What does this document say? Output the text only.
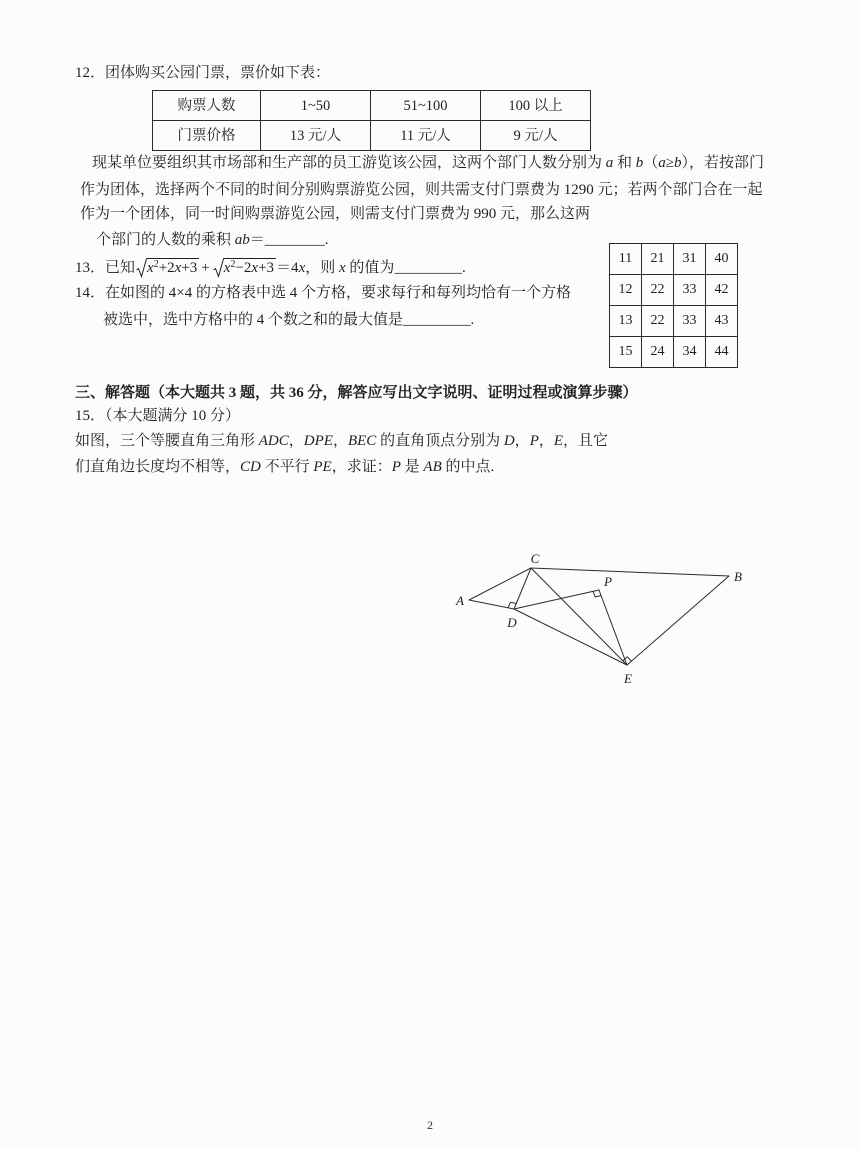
12．团体购买公园门票，票价如下表：
购票人数	1~50	51~100	100 以上
门票价格	13 元/人	11 元/人	9 元/人
现某单位要组织其市场部和生产部的员工游览该公园，这两个部门人数分别为 a 和 b（a≥b），若按部门
作为团体，选择两个不同的时间分别购票游览公园，则共需支付门票费为 1290 元；若两个部门合在一起
作为一个团体，同一时间购票游览公园，则需支付门票费为 990 元，那么这两
个部门的人数的乘积 ab＝________.
13．已知 $x^2+2x+3 + x^2-2x+3 =4x$，则 x 的值为_________.
14．在如图的 4×4 的方格表中选 4 个方格，要求每行和每列均恰有一个方格
被选中，选中方格中的 4 个数之和的最大值是_________.
11	21	31	40
12	22	33	42
13	22	33	43
15	24	34	44
三、解答题（本大题共 3 题，共 36 分，解答应写出文字说明、证明过程或演算步骤）
15．（本大题满分 10 分）
如图，三个等腰直角三角形 ADC，DPE，BEC 的直角顶点分别为 D，P，E，且它
们直角边长度均不相等，CD 不平行 PE，求证：P 是 AB 的中点.
A
C
B
P
D
E
2
